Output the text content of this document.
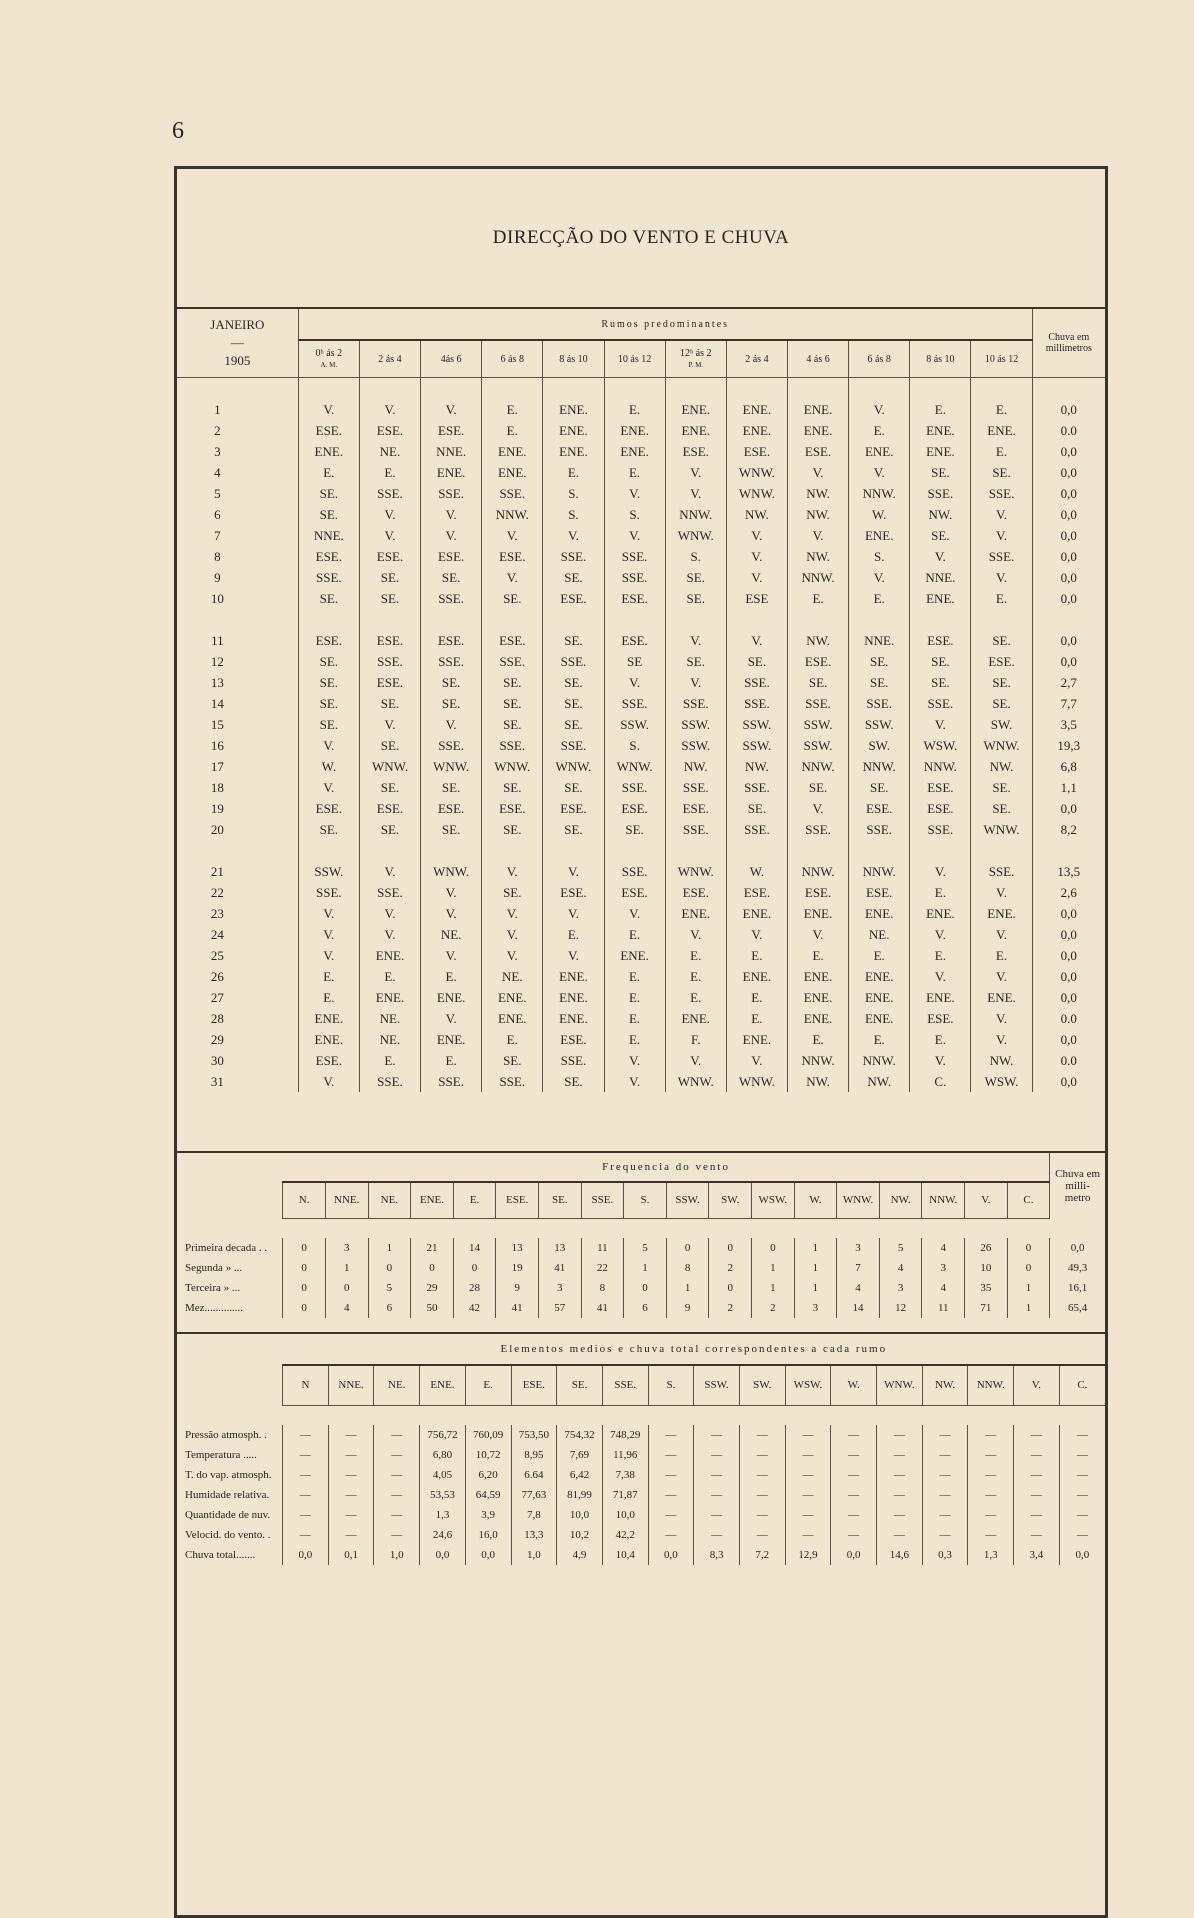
6
DIRECÇÃO DO VENTO E CHUVA
JANEIRO
—
1905	Rumos predominantes												Chuva em millimetros
	0ʰ ás 2
A. M.	2 ás 4	4ás 6	6 ás 8	8 ás 10	10 ás 12	12ʰ ás 2
P. M.	2 ás 4	4 ás 6	6 ás 8	8 ás 10	10 ás 12	

1	V.	V.	V.	E.	ENE.	E.	ENE.	ENE.	ENE.	V.	E.	E.	0,0
2	ESE.	ESE.	ESE.	E.	ENE.	ENE.	ENE.	ENE.	ENE.	E.	ENE.	ENE.	0.0
3	ENE.	NE.	NNE.	ENE.	ENE.	ENE.	ESE.	ESE.	ESE.	ENE.	ENE.	E.	0,0
4	E.	E.	ENE.	ENE.	E.	E.	V.	WNW.	V.	V.	SE.	SE.	0,0
5	SE.	SSE.	SSE.	SSE.	S.	V.	V.	WNW.	NW.	NNW.	SSE.	SSE.	0,0
6	SE.	V.	V.	NNW.	S.	S.	NNW.	NW.	NW.	W.	NW.	V.	0,0
7	NNE.	V.	V.	V.	V.	V.	WNW.	V.	V.	ENE.	SE.	V.	0,0
8	ESE.	ESE.	ESE.	ESE.	SSE.	SSE.	S.	V.	NW.	S.	V.	SSE.	0,0
9	SSE.	SE.	SE.	V.	SE.	SSE.	SE.	V.	NNW.	V.	NNE.	V.	0,0
10	SE.	SE.	SSE.	SE.	ESE.	ESE.	SE.	ESE	E.	E.	ENE.	E.	0,0

11	ESE.	ESE.	ESE.	ESE.	SE.	ESE.	V.	V.	NW.	NNE.	ESE.	SE.	0,0
12	SE.	SSE.	SSE.	SSE.	SSE.	SE	SE.	SE.	ESE.	SE.	SE.	ESE.	0,0
13	SE.	ESE.	SE.	SE.	SE.	V.	V.	SSE.	SE.	SE.	SE.	SE.	2,7
14	SE.	SE.	SE.	SE.	SE.	SSE.	SSE.	SSE.	SSE.	SSE.	SSE.	SE.	7,7
15	SE.	V.	V.	SE.	SE.	SSW.	SSW.	SSW.	SSW.	SSW.	V.	SW.	3,5
16	V.	SE.	SSE.	SSE.	SSE.	S.	SSW.	SSW.	SSW.	SW.	WSW.	WNW.	19,3
17	W.	WNW.	WNW.	WNW.	WNW.	WNW.	NW.	NW.	NNW.	NNW.	NNW.	NW.	6,8
18	V.	SE.	SE.	SE.	SE.	SSE.	SSE.	SSE.	SE.	SE.	ESE.	SE.	1,1
19	ESE.	ESE.	ESE.	ESE.	ESE.	ESE.	ESE.	SE.	V.	ESE.	ESE.	SE.	0,0
20	SE.	SE.	SE.	SE.	SE.	SE.	SSE.	SSE.	SSE.	SSE.	SSE.	WNW.	8,2

21	SSW.	V.	WNW.	V.	V.	SSE.	WNW.	W.	NNW.	NNW.	V.	SSE.	13,5
22	SSE.	SSE.	V.	SE.	ESE.	ESE.	ESE.	ESE.	ESE.	ESE.	E.	V.	2,6
23	V.	V.	V.	V.	V.	V.	ENE.	ENE.	ENE.	ENE.	ENE.	ENE.	0,0
24	V.	V.	NE.	V.	E.	E.	V.	V.	V.	NE.	V.	V.	0,0
25	V.	ENE.	V.	V.	V.	ENE.	E.	E.	E.	E.	E.	E.	0,0
26	E.	E.	E.	NE.	ENE.	E.	E.	ENE.	ENE.	ENE.	V.	V.	0,0
27	E.	ENE.	ENE.	ENE.	ENE.	E.	E.	E.	ENE.	ENE.	ENE.	ENE.	0,0
28	ENE.	NE.	V.	ENE.	ENE.	E.	ENE.	E.	ENE.	ENE.	ESE.	V.	0.0
29	ENE.	NE.	ENE.	E.	ESE.	E.	F.	ENE.	E.	E.	E.	V.	0,0
30	ESE.	E.	E.	SE.	SSE.	V.	V.	V.	NNW.	NNW.	V.	NW.	0.0
31	V.	SSE.	SSE.	SSE.	SE.	V.	WNW.	WNW.	NW.	NW.	C.	WSW.	0,0
	Frequencia do vento																		Chuva em milli-metro
	N.	NNE.	NE.	ENE.	E.	ESE.	SE.	SSE.	S.	SSW.	SW.	WSW.	W.	WNW.	NW.	NNW.	V.	C.	

Primeira decada . .	0	3	1	21	14	13	13	11	5	0	0	0	1	3	5	4	26	0	0,0
Segunda » ...	0	1	0	0	0	19	41	22	1	8	2	1	1	7	4	3	10	0	49,3
Terceira » ...	0	0	5	29	28	9	3	8	0	1	0	1	1	4	3	4	35	1	16,1
Mez..............	0	4	6	50	42	41	57	41	6	9	2	2	3	14	12	11	71	1	65,4
	Elementos medios e chuva total correspondentes a cada rumo																	
	N	NNE.	NE.	ENE.	E.	ESE.	SE.	SSE.	S.	SSW.	SW.	WSW.	W.	WNW.	NW.	NNW.	V.	C.

Pressão atmosph. .	—	—	—	756,72	760,09	753,50	754,32	748,29	—	—	—	—	—	—	—	—	—	—
Temperatura .....	—	—	—	6,80	10,72	8,95	7,69	11,96	—	—	—	—	—	—	—	—	—	—
T. do vap. atmosph.	—	—	—	4,05	6,20	6.64	6,42	7,38	—	—	—	—	—	—	—	—	—	—
Humidade relativa.	—	—	—	53,53	64,59	77,63	81,99	71,87	—	—	—	—	—	—	—	—	—	—
Quantidade de nuv.	—	—	—	1,3	3,9	7,8	10,0	10,0	—	—	—	—	—	—	—	—	—	—
Velocid. do vento. .	—	—	—	24,6	16,0	13,3	10,2	42,2	—	—	—	—	—	—	—	—	—	—
Chuva total.......	0,0	0,1	1,0	0,0	0,0	1,0	4,9	10,4	0,0	8,3	7,2	12,9	0,0	14,6	0,3	1,3	3,4	0,0
